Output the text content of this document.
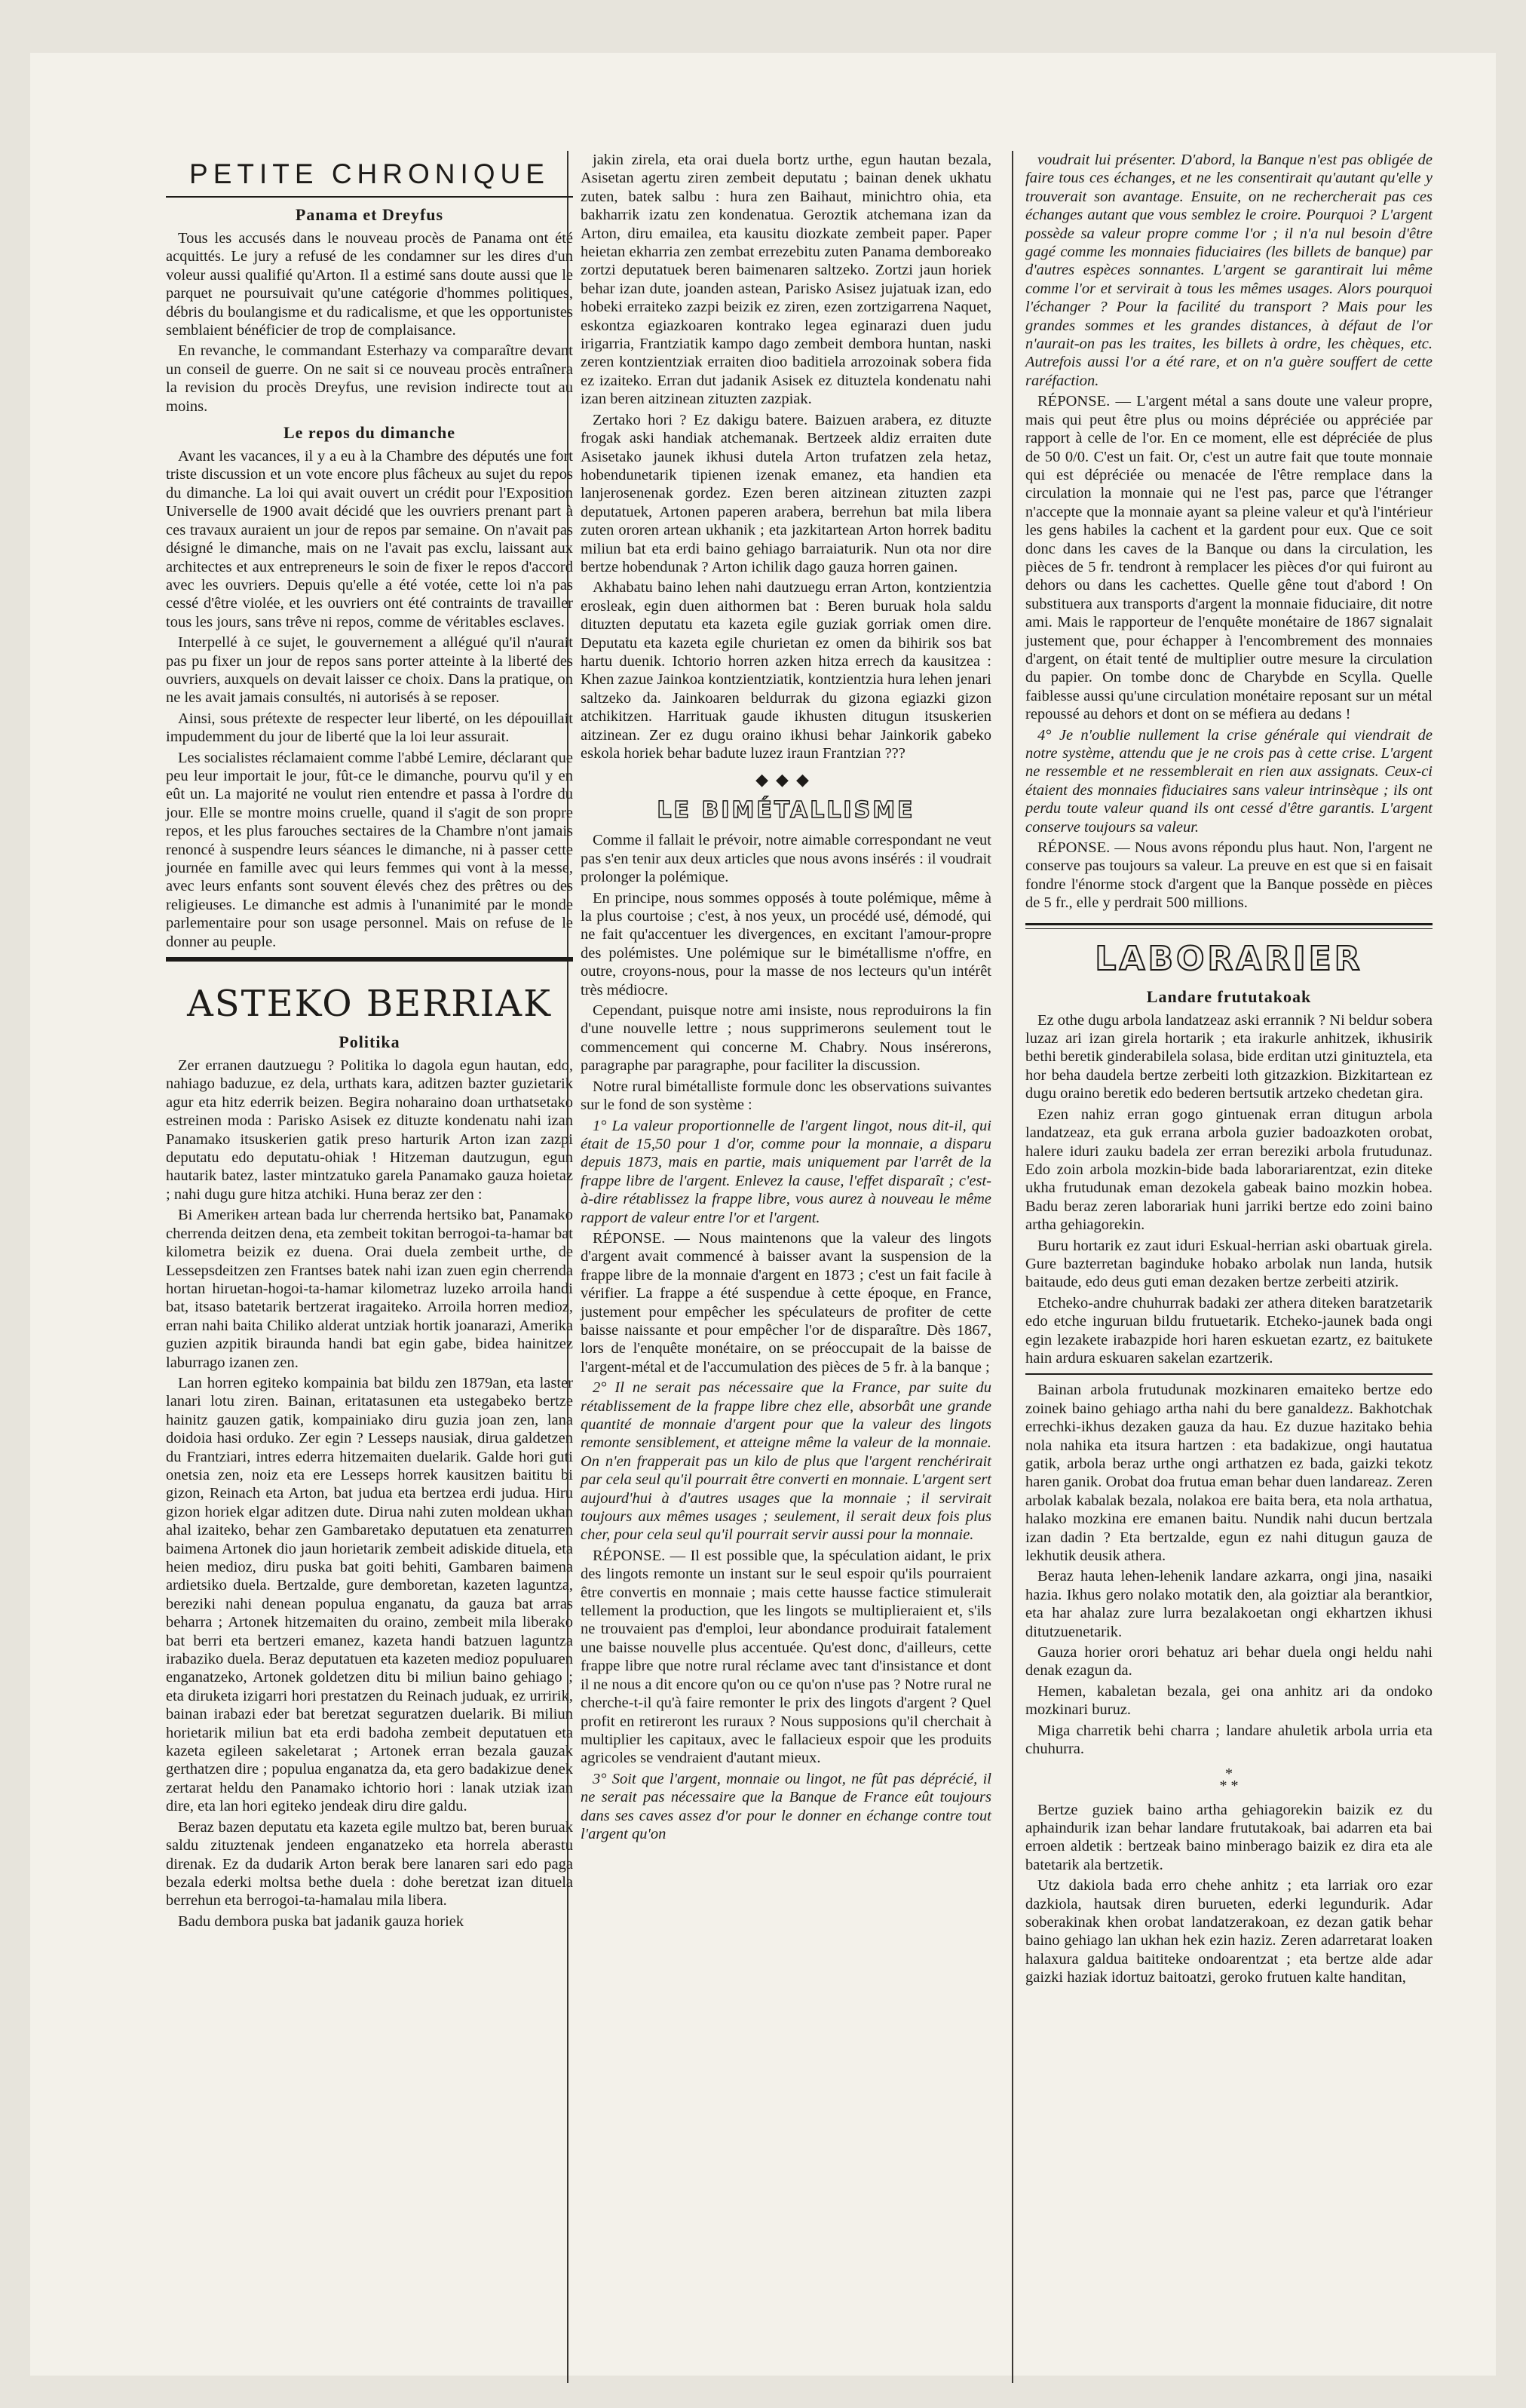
PETITE CHRONIQUE
Panama et Dreyfus

Tous les accusés dans le nouveau procès de Panama ont été acquittés. Le jury a refusé de les condamner sur les dires d'un voleur aussi qualifié qu'Arton. Il a estimé sans doute aussi que le parquet ne poursuivait qu'une catégorie d'hommes politiques, débris du boulangisme et du radicalisme, et que les opportunistes semblaient bénéficier de trop de complaisance.

En revanche, le commandant Esterhazy va comparaître devant un conseil de guerre. On ne sait si ce nouveau procès entraînera la revision du procès Dreyfus, une revision indirecte tout au moins.

Le repos du dimanche

Avant les vacances, il y a eu à la Chambre des députés une fort triste discussion et un vote encore plus fâcheux au sujet du repos du dimanche. La loi qui avait ouvert un crédit pour l'Exposition Universelle de 1900 avait décidé que les ouvriers prenant part à ces travaux auraient un jour de repos par semaine. On n'avait pas désigné le dimanche, mais on ne l'avait pas exclu, laissant aux architectes et aux entrepreneurs le soin de fixer le repos d'accord avec les ouvriers. Depuis qu'elle a été votée, cette loi n'a pas cessé d'être violée, et les ouvriers ont été contraints de travailler tous les jours, sans trêve ni repos, comme de véritables esclaves.

Interpellé à ce sujet, le gouvernement a allégué qu'il n'aurait pas pu fixer un jour de repos sans porter atteinte à la liberté des ouvriers, auxquels on devait laisser ce choix. Dans la pratique, on ne les avait jamais consultés, ni autorisés à se reposer.

Ainsi, sous prétexte de respecter leur liberté, on les dépouillait impudemment du jour de liberté que la loi leur assurait.

Les socialistes réclamaient comme l'abbé Lemire, déclarant que peu leur importait le jour, fût-ce le dimanche, pourvu qu'il y en eût un. La majorité ne voulut rien entendre et passa à l'ordre du jour. Elle se montre moins cruelle, quand il s'agit de son propre repos, et les plus farouches sectaires de la Chambre n'ont jamais renoncé à suspendre leurs séances le dimanche, ni à passer cette journée en famille avec qui leurs femmes qui vont à la messe, avec leurs enfants sont souvent élevés chez des prêtres ou des religieuses. Le dimanche est admis à l'unanimité par le monde parlementaire pour son usage personnel. Mais on refuse de le donner au peuple.

ASTEKO BERRIAK
Politika

Zer erranen dautzuegu ? Politika lo dagola egun hautan, edo, nahiago baduzue, ez dela, urthats kara, aditzen bazter guzietarik agur eta hitz ederrik beizen. Begira noharaino doan urthatsetako estreinen moda : Parisko Asisek ez dituzte kondenatu nahi izan Panamako itsuskerien gatik preso harturik Arton izan zazpi deputatu edo deputatu-ohiak ! Hitzeman dautzugun, egun hautarik batez, laster mintzatuko garela Panamako gauza hoietaz ; nahi dugu gure hitza atchiki. Huna beraz zer den :

Bi Amerikeн artean bada lur cherrenda hertsiko bat, Panamako cherrenda deitzen dena, eta zembeit tokitan berrogoi-ta-hamar bat kilometra beizik ez duena. Orai duela zembeit urthe, de Lessepsdeitzen zen Frantses batek nahi izan zuen egin cherrenda hortan hiruetan-hogoi-ta-hamar kilometraz luzeko arroila handi bat, itsaso batetarik bertzerat iragaiteko. Arroila horren medioz, erran nahi baita Chiliko alderat untziak hortik joanarazi, Amerika guzien azpitik biraunda handi bat egin gabe, bidea hainitzez laburrago izanen zen.

Lan horren egiteko kompainia bat bildu zen 1879an, eta laster lanari lotu ziren. Bainan, eritatasunen eta ustegabeko bertze hainitz gauzen gatik, kompainiako diru guzia joan zen, lana doidoia hasi orduko. Zer egin ? Lesseps nausiak, dirua galdetzen du Frantziari, intres ederra hitzemaiten duelarik. Galde hori guti onetsia zen, noiz eta ere Lesseps horrek kausitzen baititu bi gizon, Reinach eta Arton, bat judua eta bertzea erdi judua. Hiru gizon horiek elgar aditzen dute. Dirua nahi zuten moldean ukhan ahal izaiteko, behar zen Gambaretako deputatuen eta zenaturren baimena Artonek dio jaun horietarik zembeit adiskide dituela, eta heien medioz, diru puska bat goiti behiti, Gambaren baimena ardietsiko duela. Bertzalde, gure demboretan, kazeten laguntza, bereziki nahi denean populua enganatu, da gauza bat arras beharra ; Artonek hitzemaiten du oraino, zembeit mila liberako bat berri eta bertzeri emanez, kazeta handi batzuen laguntza irabaziko duela. Beraz deputatuen eta kazeten medioz populuaren enganatzeko, Artonek goldetzen ditu bi miliun baino gehiago ; eta diruketa izigarri hori prestatzen du Reinach juduak, ez urririk, bainan irabazi eder bat beretzat seguratzen duelarik. Bi miliun horietarik miliun bat eta erdi badoha zembeit deputatuen eta kazeta egileen sakeletarat ; Artonek erran bezala gauzak gerthatzen dire ; populua enganatza da, eta gero badakizue denek zertarat heldu den Panamako ichtorio hori : lanak utziak izan dire, eta lan hori egiteko jendeak diru dire galdu.

Beraz bazen deputatu eta kazeta egile multzo bat, beren buruak saldu zituztenak jendeen enganatzeko eta horrela aberastu direnak. Ez da dudarik Arton berak bere lanaren sari edo paga bezala ederki moltsa bethe duela : dohe beretzat izan dituela berrehun eta berrogoi-ta-hamalau mila libera.

Badu dembora puska bat jadanik gauza horiek

jakin zirela, eta orai duela bortz urthe, egun hautan bezala, Asisetan agertu ziren zembeit deputatu ; bainan denek ukhatu zuten, batek salbu : hura zen Baihaut, minichtro ohia, eta bakharrik izatu zen kondenatua. Geroztik atchemana izan da Arton, diru emailea, eta kausitu diozkate zembeit paper. Paper heietan ekharria zen zembat errezebitu zuten Panama demboreako zortzi deputatuek beren baimenaren saltzeko. Zortzi jaun horiek behar izan dute, joanden astean, Parisko Asisez jujatuak izan, edo hobeki erraiteko zazpi beizik ez ziren, ezen zortzigarrena Naquet, eskontza egiazkoaren kontrako legea eginarazi duen judu irigarria, Frantziatik kampo dago zembeit dembora huntan, naski zeren kontzientziak erraiten dioo baditiela arrozoinak sobera fida ez izaiteko. Erran dut jadanik Asisek ez dituztela kondenatu nahi izan beren aitzinean zituzten zazpiak.

Zertako hori ? Ez dakigu batere. Baizuen arabera, ez dituzte frogak aski handiak atchemanak. Bertzeek aldiz erraiten dute Asisetako jaunek ikhusi dutela Arton trufatzen zela hetaz, hobendunetarik tipienen izenak emanez, eta handien eta lanjerosenenak gordez. Ezen beren aitzinean zituzten zazpi deputatuek, Artonen paperen arabera, berrehun bat mila libera zuten ororen artean ukhanik ; eta jazkitartean Arton horrek baditu miliun bat eta erdi baino gehiago barraiaturik. Nun ota nor dire bertze hobendunak ? Arton ichilik dago gauza horren gainen.

Akhabatu baino lehen nahi dautzuegu erran Arton, kontzientzia erosleak, egin duen aithormen bat : Beren buruak hola saldu dituzten deputatu eta kazeta egile guziak gorriak omen dire. Deputatu eta kazeta egile churietan ez omen da bihirik sos bat hartu duenik. Ichtorio horren azken hitza errech da kausitzea : Khen zazue Jainkoa kontzientziatik, kontzientzia hura lehen jenari saltzeko da. Jainkoaren beldurrak du gizona egiazki gizon atchikitzen. Harrituak gaude ikhusten ditugun itsuskerien aitzinean. Zer ez dugu oraino ikhusi behar Jainkorik gabeko eskola horiek behar badute luzez iraun Frantzian ???

◆◆◆
LE BIMÉTALLISME

Comme il fallait le prévoir, notre aimable correspondant ne veut pas s'en tenir aux deux articles que nous avons insérés : il voudrait prolonger la polémique.

En principe, nous sommes opposés à toute polémique, même à la plus courtoise ; c'est, à nos yeux, un procédé usé, démodé, qui ne fait qu'accentuer les divergences, en excitant l'amour-propre des polémistes. Une polémique sur le bimétallisme n'offre, en outre, croyons-nous, pour la masse de nos lecteurs qu'un intérêt très médiocre.

Cependant, puisque notre ami insiste, nous reproduirons la fin d'une nouvelle lettre ; nous supprimerons seulement tout le commencement qui concerne M. Chabry. Nous insérerons, paragraphe par paragraphe, pour faciliter la discussion.

Notre rural bimétalliste formule donc les observations suivantes sur le fond de son système :

1° La valeur proportionnelle de l'argent lingot, nous dit-il, qui était de 15,50 pour 1 d'or, comme pour la monnaie, a disparu depuis 1873, mais en partie, mais uniquement par l'arrêt de la frappe libre de l'argent. Enlevez la cause, l'effet disparaît ; c'est-à-dire rétablissez la frappe libre, vous aurez à nouveau le même rapport de valeur entre l'or et l'argent.

RÉPONSE. — Nous maintenons que la valeur des lingots d'argent avait commencé à baisser avant la suspension de la frappe libre de la monnaie d'argent en 1873 ; c'est un fait facile à vérifier. La frappe a été suspendue à cette époque, en France, justement pour empêcher les spéculateurs de profiter de cette baisse naissante et pour empêcher l'or de disparaître. Dès 1867, lors de l'enquête monétaire, on se préoccupait de la baisse de l'argent-métal et de l'accumulation des pièces de 5 fr. à la banque ;

2° Il ne serait pas nécessaire que la France, par suite du rétablissement de la frappe libre chez elle, absorbât une grande quantité de monnaie d'argent pour que la valeur des lingots remonte sensiblement, et atteigne même la valeur de la monnaie. On n'en frapperait pas un kilo de plus que l'argent renchérirait par cela seul qu'il pourrait être converti en monnaie. L'argent sert aujourd'hui à d'autres usages que la monnaie ; il servirait toujours aux mêmes usages ; seulement, il serait deux fois plus cher, pour cela seul qu'il pourrait servir aussi pour la monnaie.

RÉPONSE. — Il est possible que, la spéculation aidant, le prix des lingots remonte un instant sur le seul espoir qu'ils pourraient être convertis en monnaie ; mais cette hausse factice stimulerait tellement la production, que les lingots se multiplieraient et, s'ils ne trouvaient pas d'emploi, leur abondance produirait fatalement une baisse nouvelle plus accentuée. Qu'est donc, d'ailleurs, cette frappe libre que notre rural réclame avec tant d'insistance et dont il ne nous a dit encore qu'on ou ce qu'on n'use pas ? Notre rural ne cherche-t-il qu'à faire remonter le prix des lingots d'argent ? Quel profit en retireront les ruraux ? Nous supposions qu'il cherchait à multiplier les capitaux, avec le fallacieux espoir que les produits agricoles se vendraient d'autant mieux.

3° Soit que l'argent, monnaie ou lingot, ne fût pas déprécié, il ne serait pas nécessaire que la Banque de France eût toujours dans ses caves assez d'or pour le donner en échange contre tout l'argent qu'on

voudrait lui présenter. D'abord, la Banque n'est pas obligée de faire tous ces échanges, et ne les consentirait qu'autant qu'elle y trouverait son avantage. Ensuite, on ne rechercherait pas ces échanges autant que vous semblez le croire. Pourquoi ? L'argent possède sa valeur propre comme l'or ; il n'a nul besoin d'être gagé comme les monnaies fiduciaires (les billets de banque) par d'autres espèces sonnantes. L'argent se garantirait lui même comme l'or et servirait à tous les mêmes usages. Alors pourquoi l'échanger ? Pour la facilité du transport ? Mais pour les grandes sommes et les grandes distances, à défaut de l'or n'aurait-on pas les traites, les billets à ordre, les chèques, etc. Autrefois aussi l'or a été rare, et on n'a guère souffert de cette raréfaction.

RÉPONSE. — L'argent métal a sans doute une valeur propre, mais qui peut être plus ou moins dépréciée ou appréciée par rapport à celle de l'or. En ce moment, elle est dépréciée de plus de 50 0/0. C'est un fait. Or, c'est un autre fait que toute monnaie qui est dépréciée ou menacée de l'être remplace dans la circulation la monnaie qui ne l'est pas, parce que l'étranger n'accepte que la monnaie ayant sa pleine valeur et qu'à l'intérieur les gens habiles la cachent et la gardent pour eux. Que ce soit donc dans les caves de la Banque ou dans la circulation, les pièces de 5 fr. tendront à remplacer les pièces d'or qui fuiront au dehors ou dans les cachettes. Quelle gêne tout d'abord ! On substituera aux transports d'argent la monnaie fiduciaire, dit notre ami. Mais le rapporteur de l'enquête monétaire de 1867 signalait justement que, pour échapper à l'encombrement des monnaies d'argent, on était tenté de multiplier outre mesure la circulation du papier. On tombe donc de Charybde en Scylla. Quelle faiblesse aussi qu'une circulation monétaire reposant sur un métal repoussé au dehors et dont on se méfiera au dedans !

4° Je n'oublie nullement la crise générale qui viendrait de notre système, attendu que je ne crois pas à cette crise. L'argent ne ressemble et ne ressemblerait en rien aux assignats. Ceux-ci étaient des monnaies fiduciaires sans valeur intrinsèque ; ils ont perdu toute valeur quand ils ont cessé d'être garantis. L'argent conserve toujours sa valeur.

RÉPONSE. — Nous avons répondu plus haut. Non, l'argent ne conserve pas toujours sa valeur. La preuve en est que si en faisait fondre l'énorme stock d'argent que la Banque possède en pièces de 5 fr., elle y perdrait 500 millions.

LABORARIER
Landare frututakoak

Ez othe dugu arbola landatzeaz aski errannik ? Ni beldur sobera luzaz ari izan girela hortarik ; eta irakurle anhitzek, ikhusirik bethi beretik ginderabilela solasa, bide erditan utzi ginituztela, eta hor beha daudela bertze zerbeiti loth gitzazkion. Bizkitartean ez dugu oraino beretik edo bederen bertsutik artzeko chedetan gira.

Ezen nahiz erran gogo gintuenak erran ditugun arbola landatzeaz, eta guk errana arbola guzier badoazkoten orobat, halere iduri zauku badela zer erran bereziki arbola frutudunaz. Edo zoin arbola mozkin-bide bada laborariarentzat, ezin diteke ukha frutudunak eman dezokela gabeak baino mozkin hobea. Badu beraz zeren laborariak huni jarriki bertze edo zoini baino artha gehiagorekin.

Buru hortarik ez zaut iduri Eskual-herrian aski obartuak girela. Gure bazterretan baginduke hobako arbolak nun landa, hutsik baitaude, edo deus guti eman dezaken bertze zerbeiti atzirik.

Etcheko-andre chuhurrak badaki zer athera diteken baratzetarik edo etche inguruan bildu frutuetarik. Etcheko-jaunek bada ongi egin lezakete irabazpide hori haren eskuetan ezartz, ez baitukete hain ardura eskuaren sakelan ezartzerik.

Bainan arbola frutudunak mozkinaren emaiteko bertze edo zoinek baino gehiago artha nahi du bere ganaldezz. Bakhotchak errechki-ikhus dezaken gauza da hau. Ez duzue hazitako behia nola nahika eta itsura hartzen : eta badakizue, ongi hautatua gatik, arbola beraz urthe ongi arthatzen ez bada, gaizki tekotz haren ganik. Orobat doa frutua eman behar duen landareaz. Zeren arbolak kabalak bezala, nolakoa ere baita bera, eta nola arthatua, halako mozkina ere emanen baitu. Nundik nahi ducun bertzala izan dadin ? Eta bertzalde, egun ez nahi ditugun gauza de lekhutik deusik athera.

Beraz hauta lehen-lehenik landare azkarra, ongi jina, nasaiki hazia. Ikhus gero nolako motatik den, ala goiztiar ala berantkior, eta har ahalaz zure lurra bezalakoetan ongi ekhartzen ikhusi ditutzuenetarik.

Gauza horier orori behatuz ari behar duela ongi heldu nahi denak ezagun da.

Hemen, kabaletan bezala, gei ona anhitz ari da ondoko mozkinari buruz.

Miga charretik behi charra ; landare ahuletik arbola urria eta chuhurra.

*
* *

Bertze guziek baino artha gehiagorekin baizik ez du aphaindurik izan behar landare frututakoak, bai adarren eta bai erroen aldetik : bertzeak baino minberago baizik ez dira eta ale batetarik ala bertzetik.

Utz dakiola bada erro chehe anhitz ; eta larriak oro ezar dazkiola, hautsak diren burueten, ederki legundurik. Adar soberakinak khen orobat landatzerakoan, ez dezan gatik behar baino gehiago lan ukhan hek ezin haziz. Zeren adarretarat loaken halaxura galdua baititeke ondoarentzat ; eta bertze alde adar gaizki haziak idortuz baitoatzi, geroko frutuen kalte handitan,
